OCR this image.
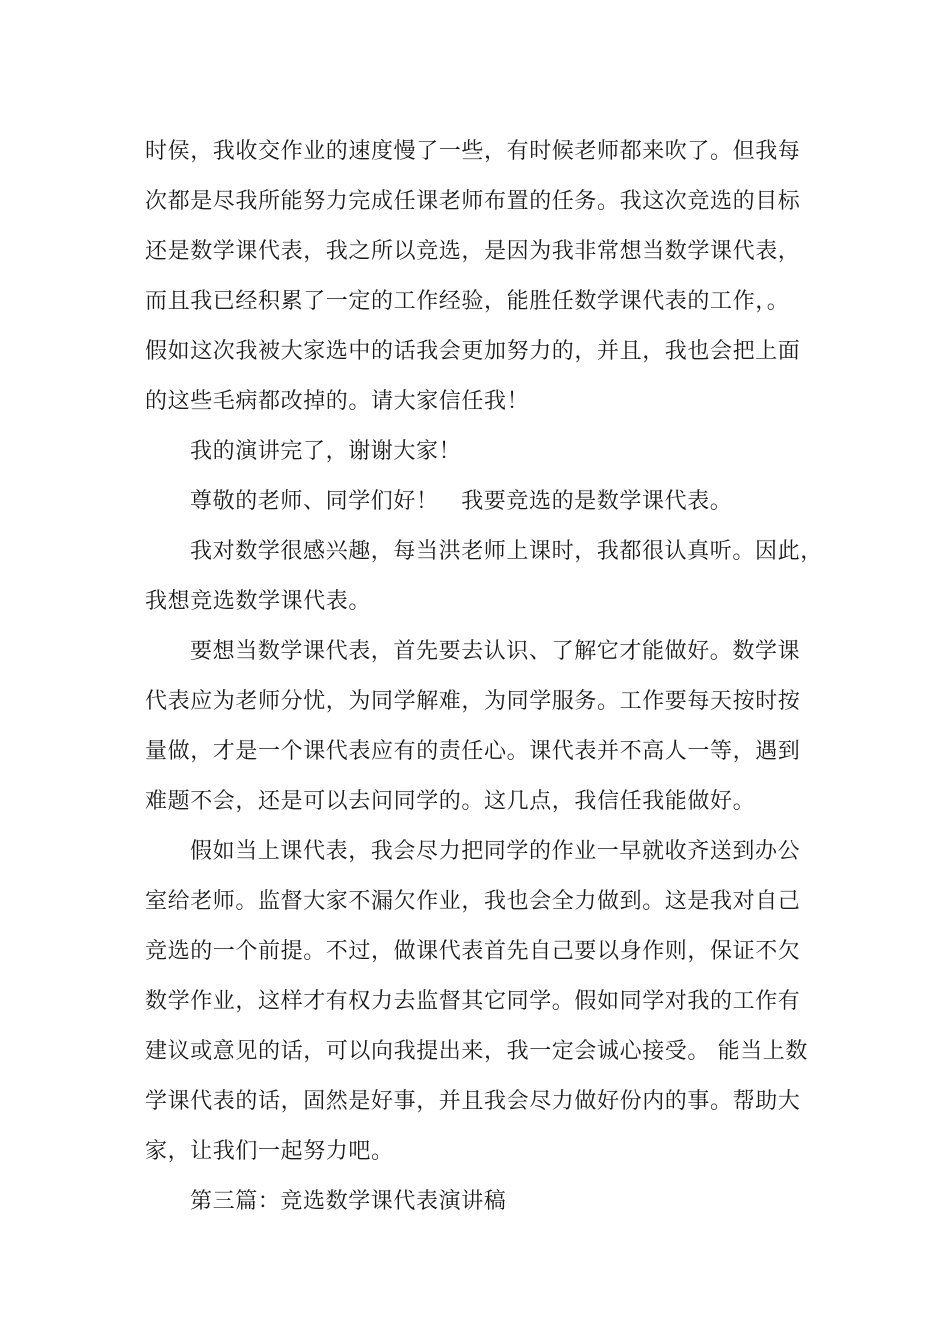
时侯，我收交作业的速度慢了一些，有时候老师都来吹了。但我每
次都是尽我所能努力完成任课老师布置的任务。我这次竞选的目标
还是数学课代表，我之所以竞选，是因为我非常想当数学课代表，
而且我已经积累了一定的工作经验，能胜任数学课代表的工作，。
假如这次我被大家选中的话我会更加努力的，并且，我也会把上面
的这些毛病都改掉的。请大家信任我！
我的演讲完了，谢谢大家！
尊敬的老师、同学们好！　我要竞选的是数学课代表。
我对数学很感兴趣，每当洪老师上课时，我都很认真听。因此，
我想竞选数学课代表。
要想当数学课代表，首先要去认识、了解它才能做好。数学课
代表应为老师分忧，为同学解难，为同学服务。工作要每天按时按
量做，才是一个课代表应有的责任心。课代表并不高人一等，遇到
难题不会，还是可以去问同学的。这几点，我信任我能做好。
假如当上课代表，我会尽力把同学的作业一早就收齐送到办公
室给老师。监督大家不漏欠作业，我也会全力做到。这是我对自己
竞选的一个前提。不过，做课代表首先自己要以身作则，保证不欠
数学作业，这样才有权力去监督其它同学。假如同学对我的工作有
建议或意见的话，可以向我提出来，我一定会诚心接受。 能当上数
学课代表的话，固然是好事，并且我会尽力做好份内的事。帮助大
家，让我们一起努力吧。
第三篇：竞选数学课代表演讲稿
